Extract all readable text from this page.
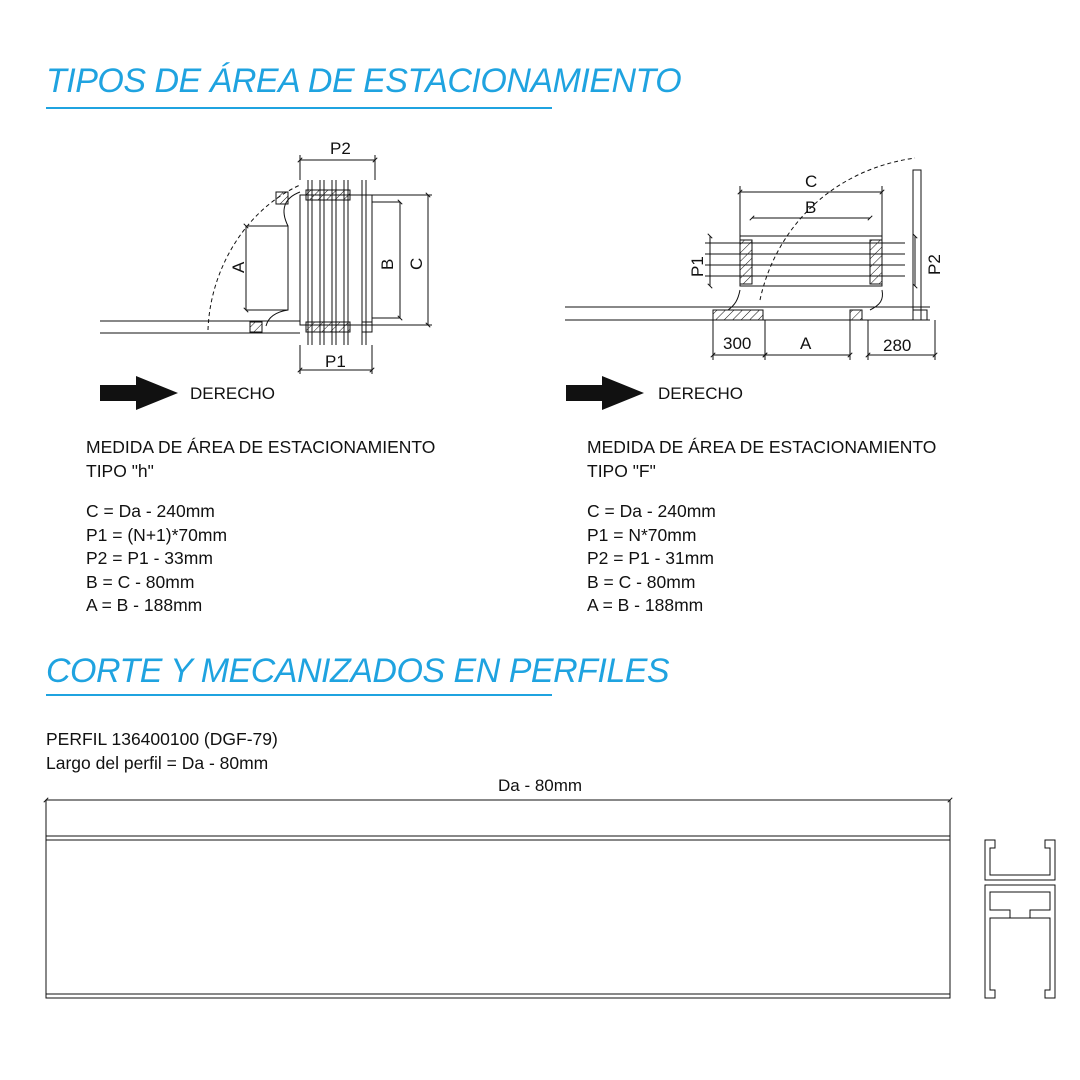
TIPOS DE ÁREA DE ESTACIONAMIENTO
CORTE Y MECANIZADOS EN PERFILES
P2
P1
A	B C
DERECHO
C
B
P1	P2
300	A	280
DERECHO
Da - 80mm
MEDIDA DE ÁREA DE ESTACIONAMIENTO
TIPO "h"
C = Da - 240mm
P1 = (N+1)*70mm
P2 = P1 - 33mm
B = C - 80mm
A = B - 188mm
MEDIDA DE ÁREA DE ESTACIONAMIENTO
TIPO "F"
C = Da - 240mm
P1 = N*70mm
P2 = P1 - 31mm
B = C - 80mm
A = B - 188mm
PERFIL 136400100 (DGF-79)
Largo del perfil = Da - 80mm
